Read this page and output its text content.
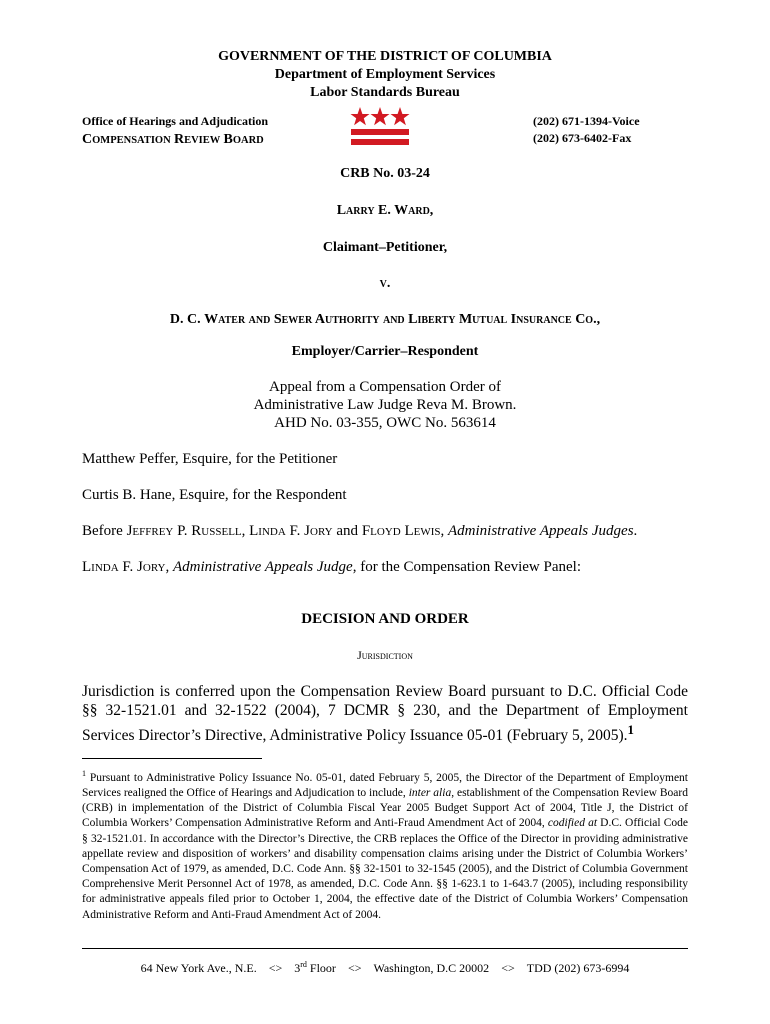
GOVERNMENT OF THE DISTRICT OF COLUMBIA
Department of Employment Services
Labor Standards Bureau
Office of Hearings and Adjudication
COMPENSATION REVIEW BOARD
(202) 671-1394-Voice
(202) 673-6402-Fax
CRB No. 03-24
Larry E. Ward,
Claimant–Petitioner,
v.
D. C. Water and Sewer Authority and Liberty Mutual Insurance Co.,
Employer/Carrier–Respondent
Appeal from a Compensation Order of
Administrative Law Judge Reva M. Brown.
AHD No. 03-355, OWC No. 563614
Matthew Peffer, Esquire, for the Petitioner
Curtis B. Hane, Esquire, for the Respondent
Before Jeffrey P. Russell, Linda F. Jory and Floyd Lewis, Administrative Appeals Judges.
Linda F. Jory, Administrative Appeals Judge, for the Compensation Review Panel:
DECISION AND ORDER
Jurisdiction
Jurisdiction is conferred upon the Compensation Review Board pursuant to D.C. Official Code §§ 32-1521.01 and 32-1522 (2004), 7 DCMR § 230, and the Department of Employment Services Director’s Directive, Administrative Policy Issuance 05-01 (February 5, 2005).$^1$
$^1$ Pursuant to Administrative Policy Issuance No. 05-01, dated February 5, 2005, the Director of the Department of Employment Services realigned the Office of Hearings and Adjudication to include, inter alia, establishment of the Compensation Review Board (CRB) in implementation of the District of Columbia Fiscal Year 2005 Budget Support Act of 2004, Title J, the District of Columbia Workers’ Compensation Administrative Reform and Anti-Fraud Amendment Act of 2004, codified at D.C. Official Code § 32-1521.01. In accordance with the Director’s Directive, the CRB replaces the Office of the Director in providing administrative appellate review and disposition of workers’ and disability compensation claims arising under the District of Columbia Workers’ Compensation Act of 1979, as amended, D.C. Code Ann. §§ 32-1501 to 32-1545 (2005), and the District of Columbia Government Comprehensive Merit Personnel Act of 1978, as amended, D.C. Code Ann. §§ 1-623.1 to 1-643.7 (2005), including responsibility for administrative appeals filed prior to October 1, 2004, the effective date of the District of Columbia Workers’ Compensation Administrative Reform and Anti-Fraud Amendment Act of 2004.
64 New York Ave., N.E. <> 3rd Floor <> Washington, D.C 20002 <> TDD (202) 673-6994
